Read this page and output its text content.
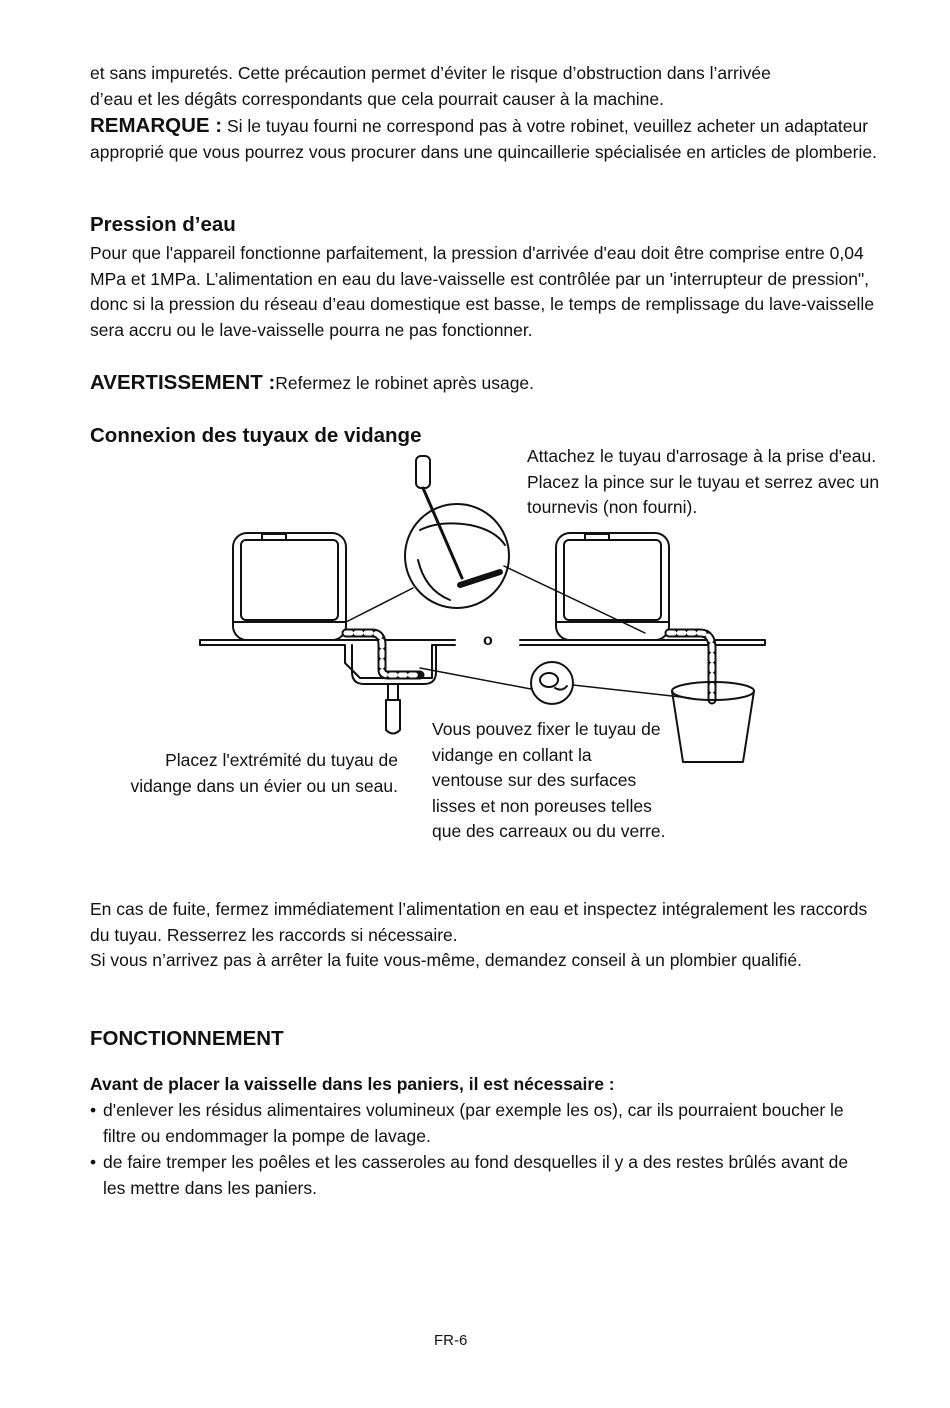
et sans impuretés. Cette précaution permet d’éviter le risque d’obstruction dans l’arrivée

d’eau et les dégâts correspondants que cela pourrait causer à la machine.

REMARQUE : Si le tuyau fourni ne correspond pas à votre robinet, veuillez acheter un adaptateur approprié que vous pourrez vous procurer dans une quincaillerie spécialisée en articles de plomberie.

Pression d’eau

Pour que l'appareil fonctionne parfaitement, la pression d'arrivée d'eau doit être comprise entre 0,04 MPa et 1MPa. L’alimentation en eau du lave-vaisselle est contrôlée par un 'interrupteur de pression", donc si la pression du réseau d’eau domestique est basse, le temps de remplissage du lave-vaisselle sera accru ou le lave-vaisselle pourra ne pas fonctionner.

AVERTISSEMENT :Refermez le robinet après usage.

Connexion des tuyaux de vidange

Attachez le tuyau d'arrosage à la prise d'eau. Placez la pince sur le tuyau et serrez avec un tournevis (non fourni).

o

Placez l'extrémité du tuyau de vidange dans un évier ou un seau.

Vous pouvez fixer le tuyau de vidange en collant la ventouse sur des surfaces lisses et non poreuses telles que des carreaux ou du verre.

En cas de fuite, fermez immédiatement l’alimentation en eau et inspectez intégralement les raccords du tuyau. Resserrez les raccords si nécessaire.

Si vous n’arrivez pas à arrêter la fuite vous-même, demandez conseil à un plombier qualifié.

FONCTIONNEMENT

Avant de placer la vaisselle dans les paniers, il est nécessaire :

• d'enlever les résidus alimentaires volumineux (par exemple les os), car ils pourraient boucher le filtre ou endommager la pompe de lavage.
• de faire tremper les poêles et les casseroles au fond desquelles il y a des restes brûlés avant de les mettre dans les paniers.

FR-6
